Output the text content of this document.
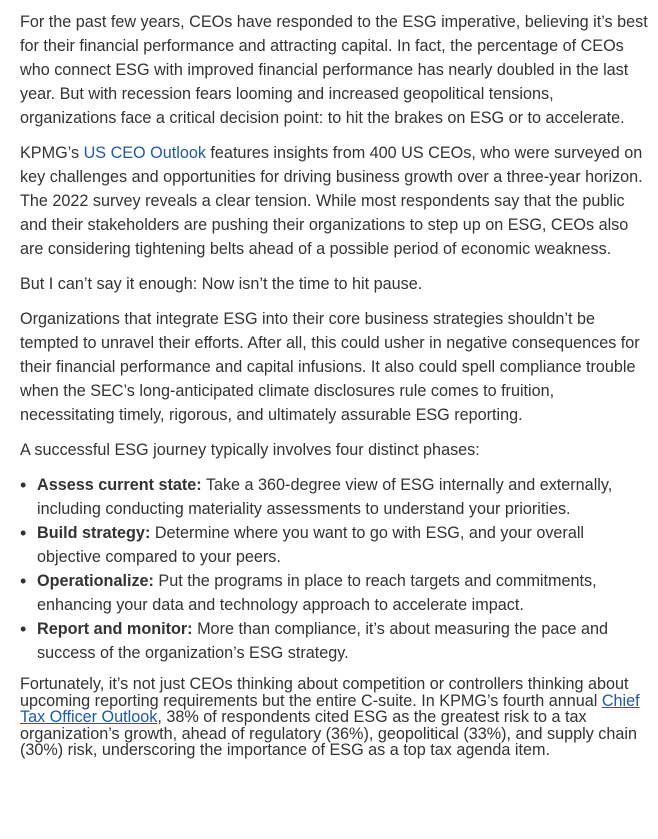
For the past few years, CEOs have responded to the ESG imperative, believing it’s best for their financial performance and attracting capital. In fact, the percentage of CEOs who connect ESG with improved financial performance has nearly doubled in the last year. But with recession fears looming and increased geopolitical tensions, organizations face a critical decision point: to hit the brakes on ESG or to accelerate.

KPMG’s US CEO Outlook features insights from 400 US CEOs, who were surveyed on key challenges and opportunities for driving business growth over a three-year horizon. The 2022 survey reveals a clear tension. While most respondents say that the public and their stakeholders are pushing their organizations to step up on ESG, CEOs also are considering tightening belts ahead of a possible period of economic weakness.

But I can’t say it enough: Now isn’t the time to hit pause.

Organizations that integrate ESG into their core business strategies shouldn’t be tempted to unravel their efforts. After all, this could usher in negative consequences for their financial performance and capital infusions. It also could spell compliance trouble when the SEC’s long-anticipated climate disclosures rule comes to fruition, necessitating timely, rigorous, and ultimately assurable ESG reporting.

A successful ESG journey typically involves four distinct phases:

• Assess current state: Take a 360-degree view of ESG internally and externally, including conducting materiality assessments to understand your priorities.
• Build strategy: Determine where you want to go with ESG, and your overall objective compared to your peers.
• Operationalize: Put the programs in place to reach targets and commitments, enhancing your data and technology approach to accelerate impact.
• Report and monitor: More than compliance, it’s about measuring the pace and success of the organization’s ESG strategy.

Fortunately, it’s not just CEOs thinking about competition or controllers thinking about upcoming reporting requirements but the entire C-suite. In KPMG’s fourth annual Chief Tax Officer Outlook, 38% of respondents cited ESG as the greatest risk to a tax organization’s growth, ahead of regulatory (36%), geopolitical (33%), and supply chain (30%) risk, underscoring the importance of ESG as a top tax agenda item.
